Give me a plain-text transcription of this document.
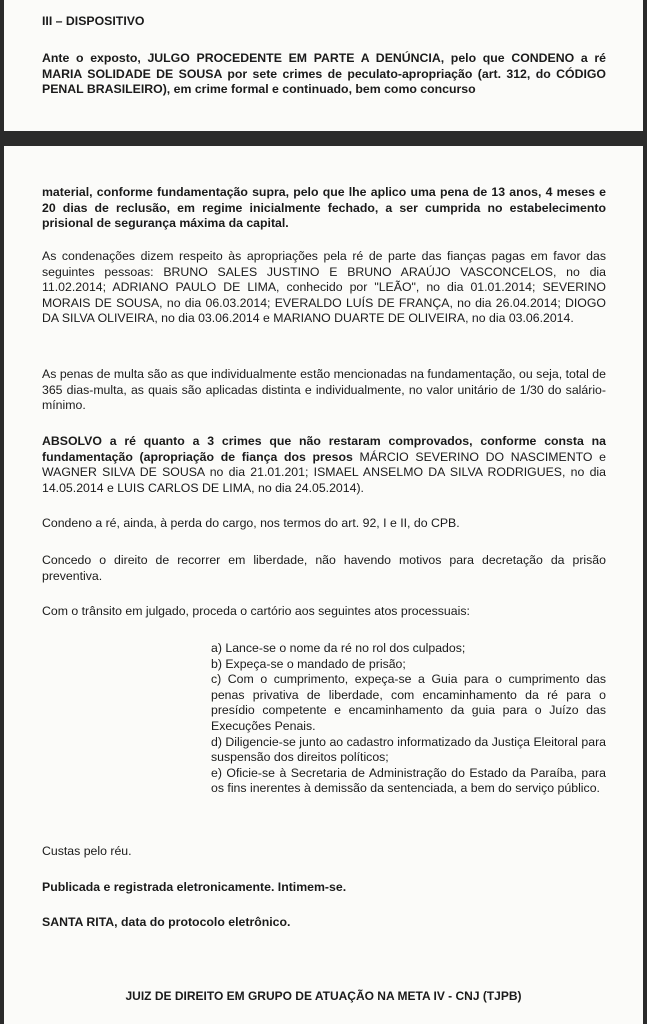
III – DISPOSITIVO

Ante o exposto, JULGO PROCEDENTE EM PARTE A DENÚNCIA, pelo que CONDENO a ré MARIA SOLIDADE DE SOUSA por sete crimes de peculato-apropriação (art. 312, do CÓDIGO PENAL BRASILEIRO), em crime formal e continuado, bem como concurso

material, conforme fundamentação supra, pelo que lhe aplico uma pena de 13 anos, 4 meses e 20 dias de reclusão, em regime inicialmente fechado, a ser cumprida no estabelecimento prisional de segurança máxima da capital.

As condenações dizem respeito às apropriações pela ré de parte das fianças pagas em favor das seguintes pessoas: BRUNO SALES JUSTINO E BRUNO ARAÚJO VASCONCELOS, no dia 11.02.2014; ADRIANO PAULO DE LIMA, conhecido por "LEÃO", no dia 01.01.2014; SEVERINO MORAIS DE SOUSA, no dia 06.03.2014; EVERALDO LUÍS DE FRANÇA, no dia 26.04.2014; DIOGO DA SILVA OLIVEIRA, no dia 03.06.2014 e MARIANO DUARTE DE OLIVEIRA, no dia 03.06.2014.

As penas de multa são as que individualmente estão mencionadas na fundamentação, ou seja, total de 365 dias-multa, as quais são aplicadas distinta e individualmente, no valor unitário de 1/30 do salário-mínimo.

ABSOLVO a ré quanto a 3 crimes que não restaram comprovados, conforme consta na fundamentação (apropriação de fiança dos presos MÁRCIO SEVERINO DO NASCIMENTO e WAGNER SILVA DE SOUSA no dia 21.01.201; ISMAEL ANSELMO DA SILVA RODRIGUES, no dia 14.05.2014 e LUIS CARLOS DE LIMA, no dia 24.05.2014).

Condeno a ré, ainda, à perda do cargo, nos termos do art. 92, I e II, do CPB.

Concedo o direito de recorrer em liberdade, não havendo motivos para decretação da prisão preventiva.

Com o trânsito em julgado, proceda o cartório aos seguintes atos processuais:

a) Lance-se o nome da ré no rol dos culpados;

b) Expeça-se o mandado de prisão;

c) Com o cumprimento, expeça-se a Guia para o cumprimento das penas privativa de liberdade, com encaminhamento da ré para o presídio competente e encaminhamento da guia para o Juízo das Execuções Penais.

d) Diligencie-se junto ao cadastro informatizado da Justiça Eleitoral para suspensão dos direitos políticos;

e) Oficie-se à Secretaria de Administração do Estado da Paraíba, para os fins inerentes à demissão da sentenciada, a bem do serviço público.

Custas pelo réu.

Publicada e registrada eletronicamente. Intimem-se.

SANTA RITA, data do protocolo eletrônico.

JUIZ DE DIREITO EM GRUPO DE ATUAÇÃO NA META IV - CNJ (TJPB)
